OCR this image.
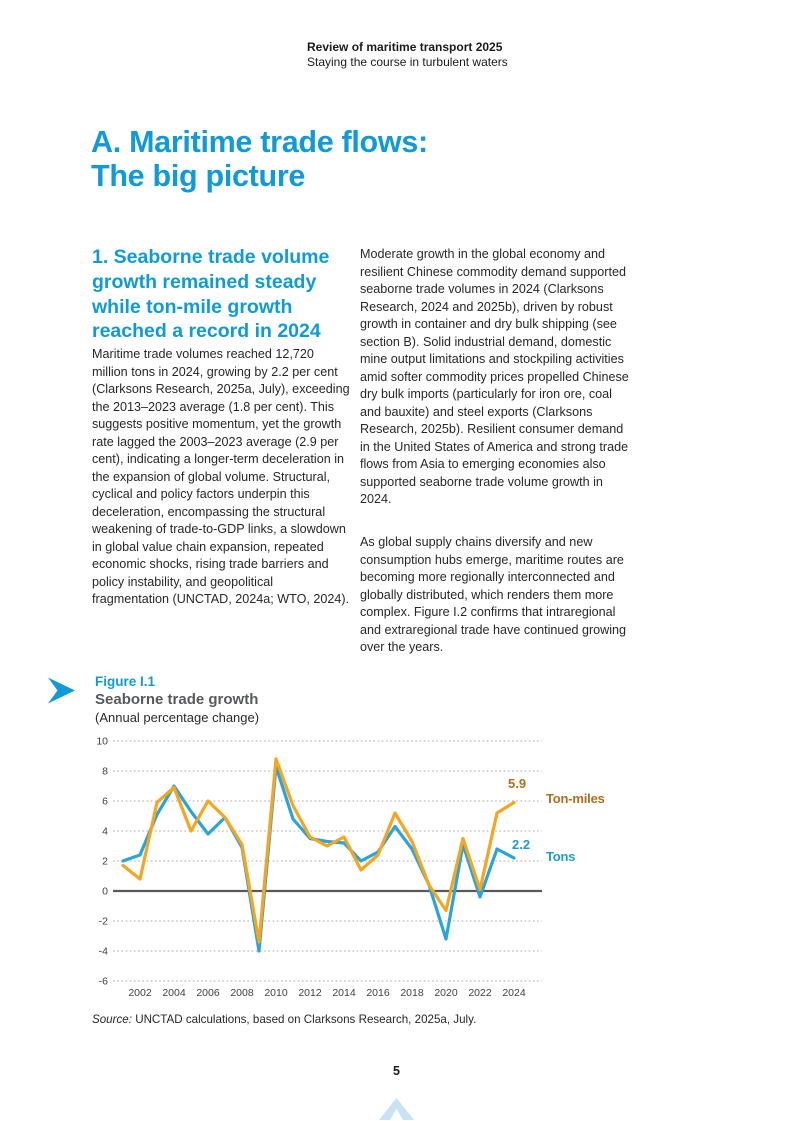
Review of maritime transport 2025
Staying the course in turbulent waters
A. Maritime trade flows: The big picture
1. Seaborne trade volume growth remained steady while ton-mile growth reached a record in 2024
Maritime trade volumes reached 12,720 million tons in 2024, growing by 2.2 per cent (Clarksons Research, 2025a, July), exceeding the 2013–2023 average (1.8 per cent). This suggests positive momentum, yet the growth rate lagged the 2003–2023 average (2.9 per cent), indicating a longer-term deceleration in the expansion of global volume. Structural, cyclical and policy factors underpin this deceleration, encompassing the structural weakening of trade-to-GDP links, a slowdown in global value chain expansion, repeated economic shocks, rising trade barriers and policy instability, and geopolitical fragmentation (UNCTAD, 2024a; WTO, 2024).
Moderate growth in the global economy and resilient Chinese commodity demand supported seaborne trade volumes in 2024 (Clarksons Research, 2024 and 2025b), driven by robust growth in container and dry bulk shipping (see section B). Solid industrial demand, domestic mine output limitations and stockpiling activities amid softer commodity prices propelled Chinese dry bulk imports (particularly for iron ore, coal and bauxite) and steel exports (Clarksons Research, 2025b). Resilient consumer demand in the United States of America and strong trade flows from Asia to emerging economies also supported seaborne trade volume growth in 2024.
As global supply chains diversify and new consumption hubs emerge, maritime routes are becoming more regionally interconnected and globally distributed, which renders them more complex. Figure I.2 confirms that intraregional and extraregional trade have continued growing over the years.
Figure I.1
Seaborne trade growth
(Annual percentage change)
10
8
6
4
2
0
-2
-4
-6
2002 2004 2006 2008 2010 2012 2014 2016 2018 2020 2022 2024
5.9
Ton-miles
2.2
Tons
Source: UNCTAD calculations, based on Clarksons Research, 2025a, July.
5
